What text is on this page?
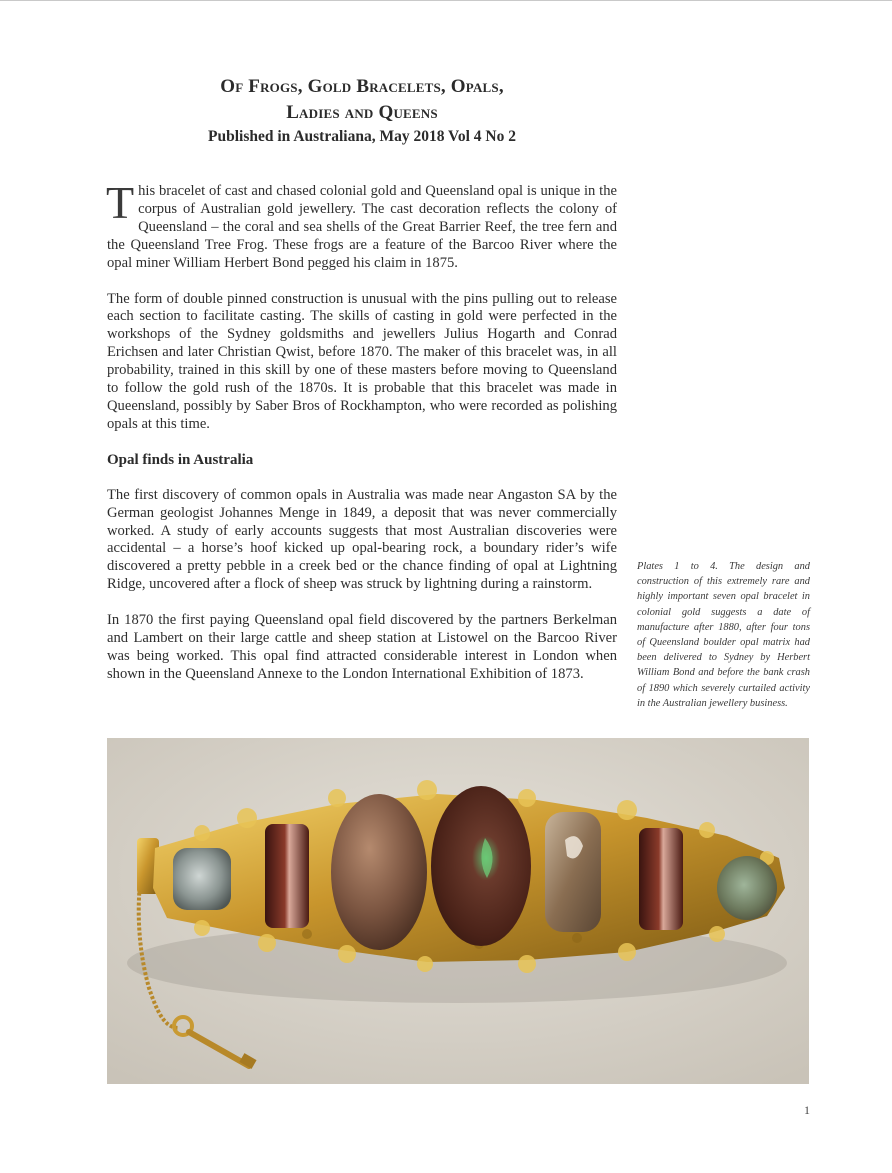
Of Frogs, Gold Bracelets, Opals,
Ladies and Queens
Published in Australiana, May 2018 Vol 4 No 2

This bracelet of cast and chased colonial gold and Queensland opal is unique in the corpus of Australian gold jewellery. The cast decoration reflects the colony of Queensland – the coral and sea shells of the Great Barrier Reef, the tree fern and the Queensland Tree Frog. These frogs are a feature of the Barcoo River where the opal miner William Herbert Bond pegged his claim in 1875.

The form of double pinned construction is unusual with the pins pulling out to release each section to facilitate casting. The skills of casting in gold were perfected in the workshops of the Sydney goldsmiths and jewellers Julius Hogarth and Conrad Erichsen and later Christian Qwist, before 1870. The maker of this bracelet was, in all probability, trained in this skill by one of these masters before moving to Queensland to follow the gold rush of the 1870s. It is probable that this bracelet was made in Queensland, possibly by Saber Bros of Rockhampton, who were recorded as polishing opals at this time.

Opal finds in Australia

The first discovery of common opals in Australia was made near Angaston SA by the German geologist Johannes Menge in 1849, a deposit that was never commercially worked. A study of early accounts suggests that most Australian discoveries were accidental – a horse’s hoof kicked up opal-bearing rock, a boundary rider’s wife discovered a pretty pebble in a creek bed or the chance finding of opal at Lightning Ridge, uncovered after a flock of sheep was struck by lightning during a rainstorm.

In 1870 the first paying Queensland opal field discovered by the partners Berkelman and Lambert on their large cattle and sheep station at Listowel on the Barcoo River was being worked. This opal find attracted considerable interest in London when shown in the Queensland Annexe to the London International Exhibition of 1873.

Plates 1 to 4. The design and construction of this extremely rare and highly important seven opal bracelet in colonial gold suggests a date of manufacture after 1880, after four tons of Queensland boulder opal matrix had been delivered to Sydney by Herbert William Bond and before the bank crash of 1890 which severely curtailed activity in the Australian jewellery business.
1
